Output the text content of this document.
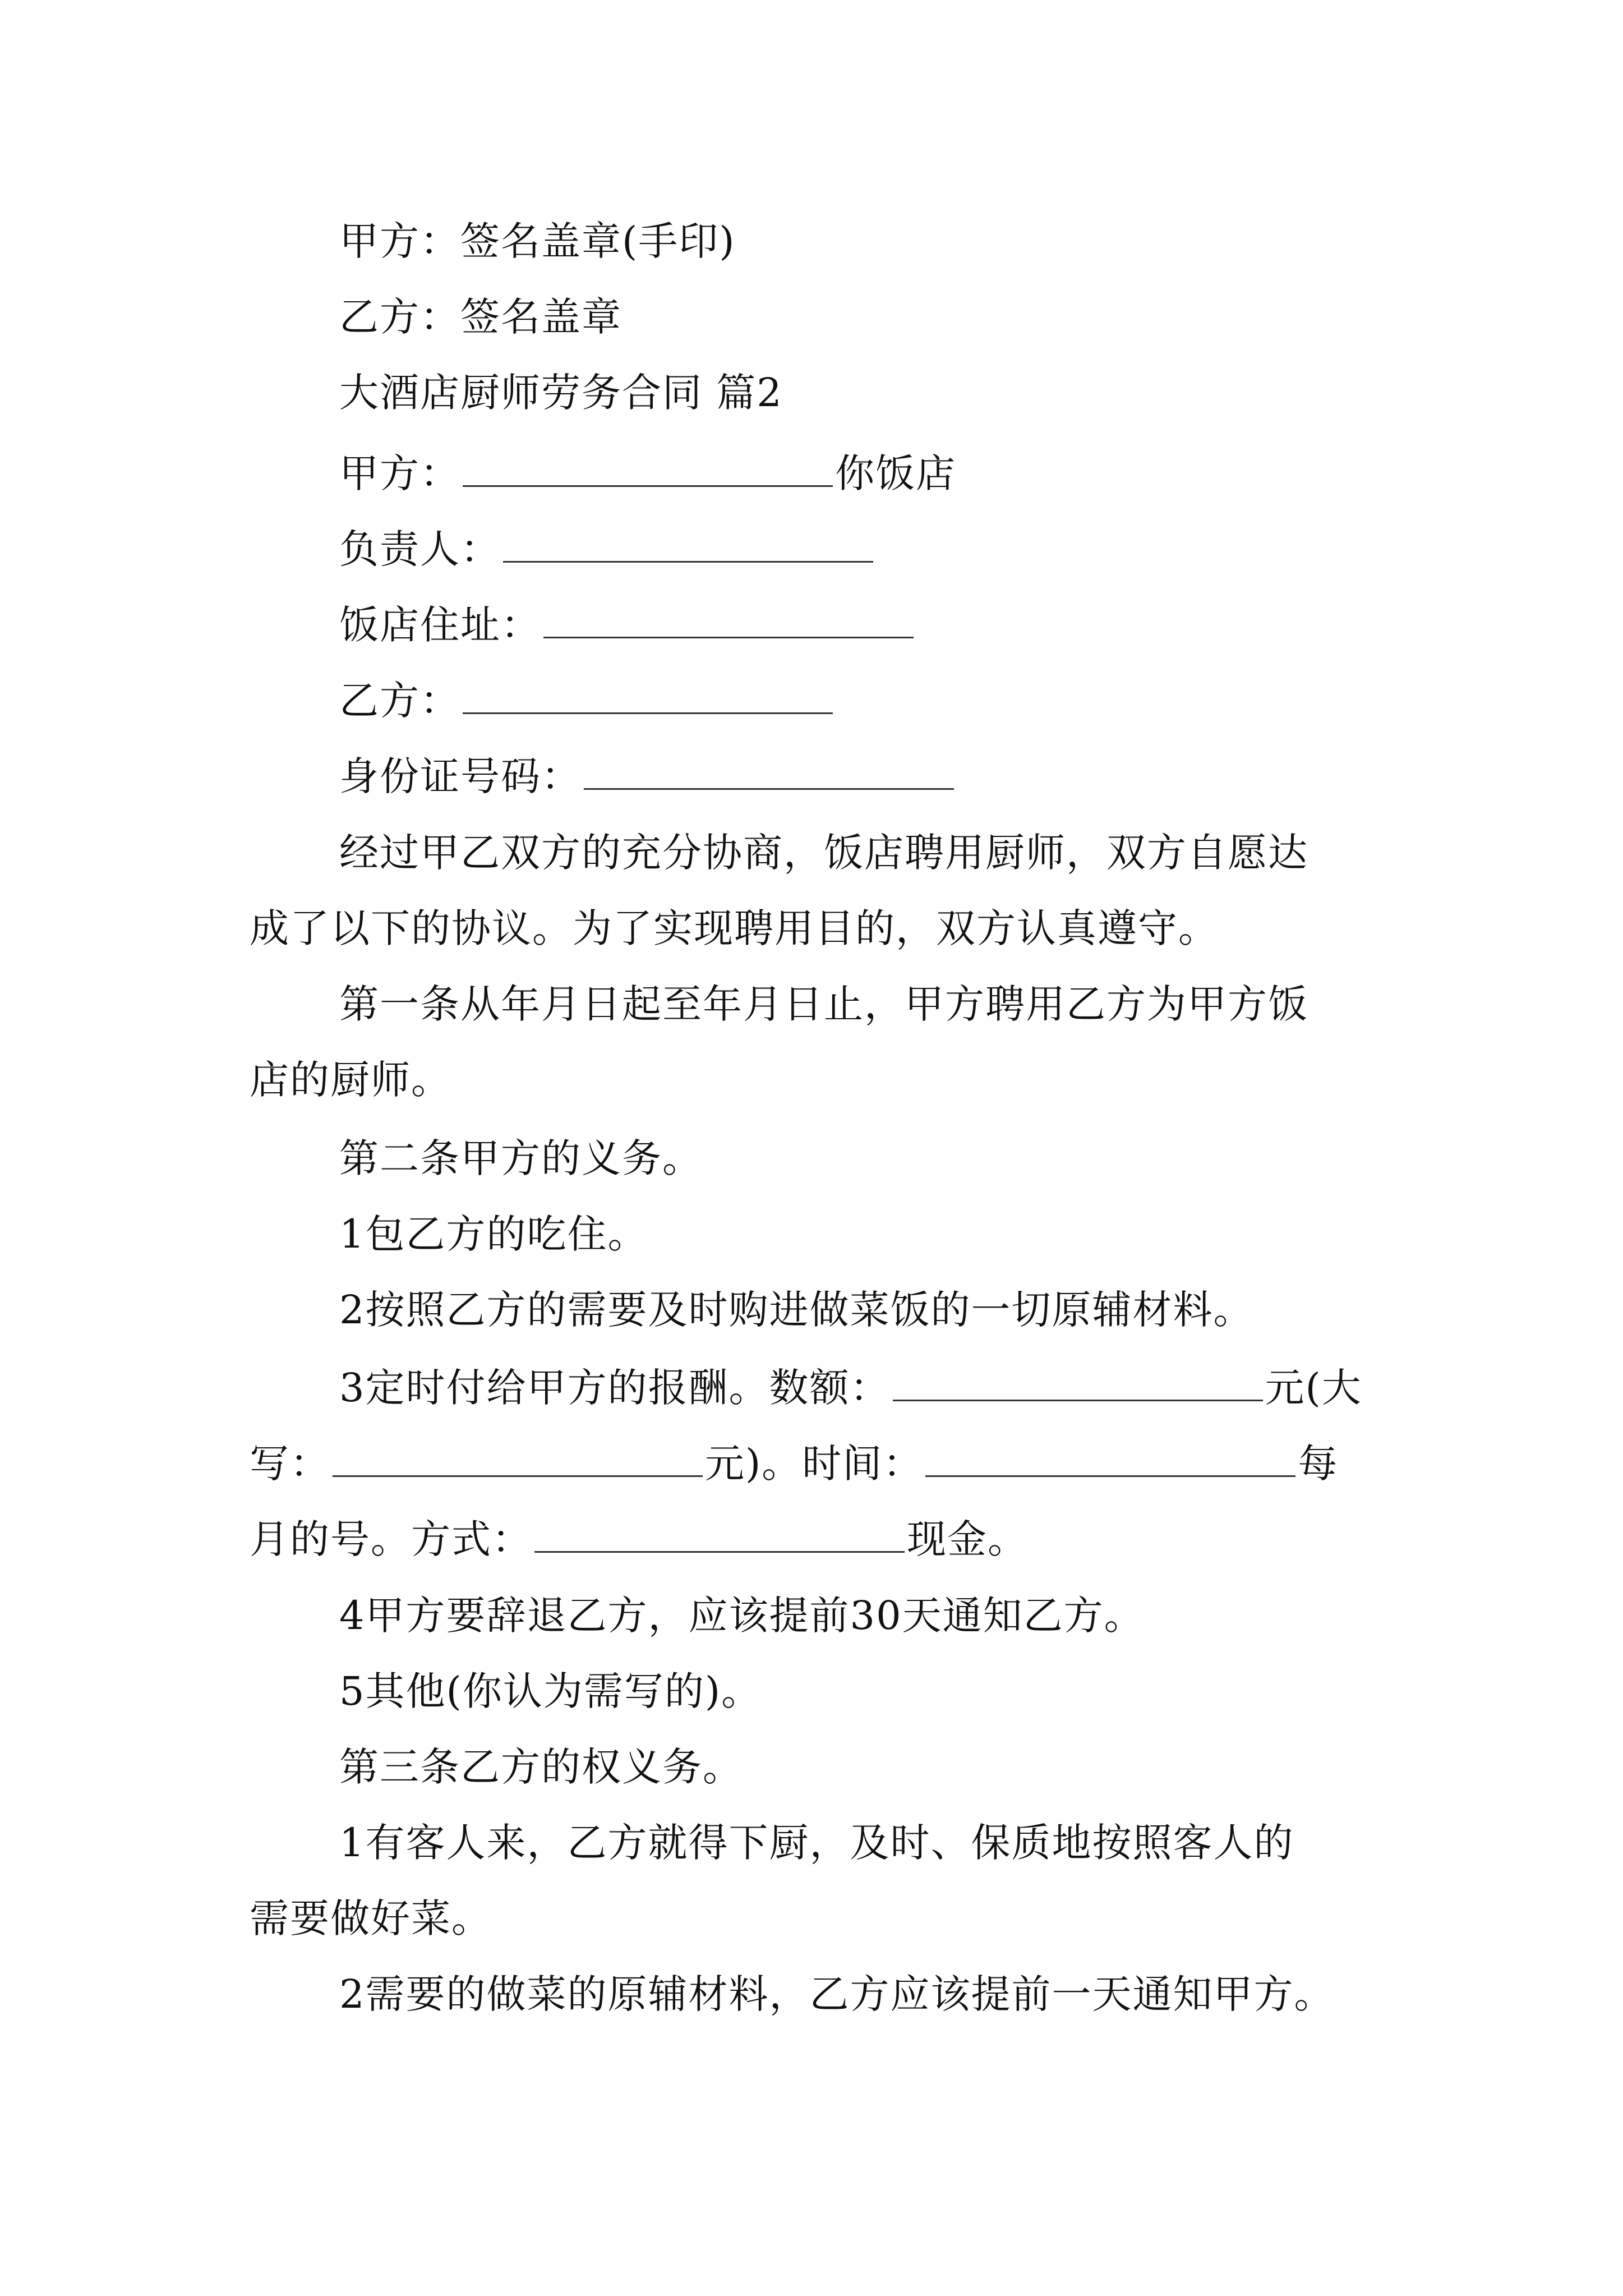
甲方：签名盖章(手印)
乙方：签名盖章
大酒店厨师劳务合同 篇2
甲方：	你饭店
负责人：
饭店住址：
乙方：
身份证号码：
经过甲乙双方的充分协商，饭店聘用厨师，双方自愿达
成了以下的协议。为了实现聘用目的，双方认真遵守。
第一条从年月日起至年月日止，甲方聘用乙方为甲方饭
店的厨师。
第二条甲方的义务。
1包乙方的吃住。
2按照乙方的需要及时购进做菜饭的一切原辅材料。
3定时付给甲方的报酬。数额：	元(大
写：	元)。时间：	每
月的号。方式：	现金。
4甲方要辞退乙方，应该提前30天通知乙方。
5其他(你认为需写的)。
第三条乙方的权义务。
1有客人来，乙方就得下厨，及时、保质地按照客人的
需要做好菜。
2需要的做菜的原辅材料，乙方应该提前一天通知甲方。
